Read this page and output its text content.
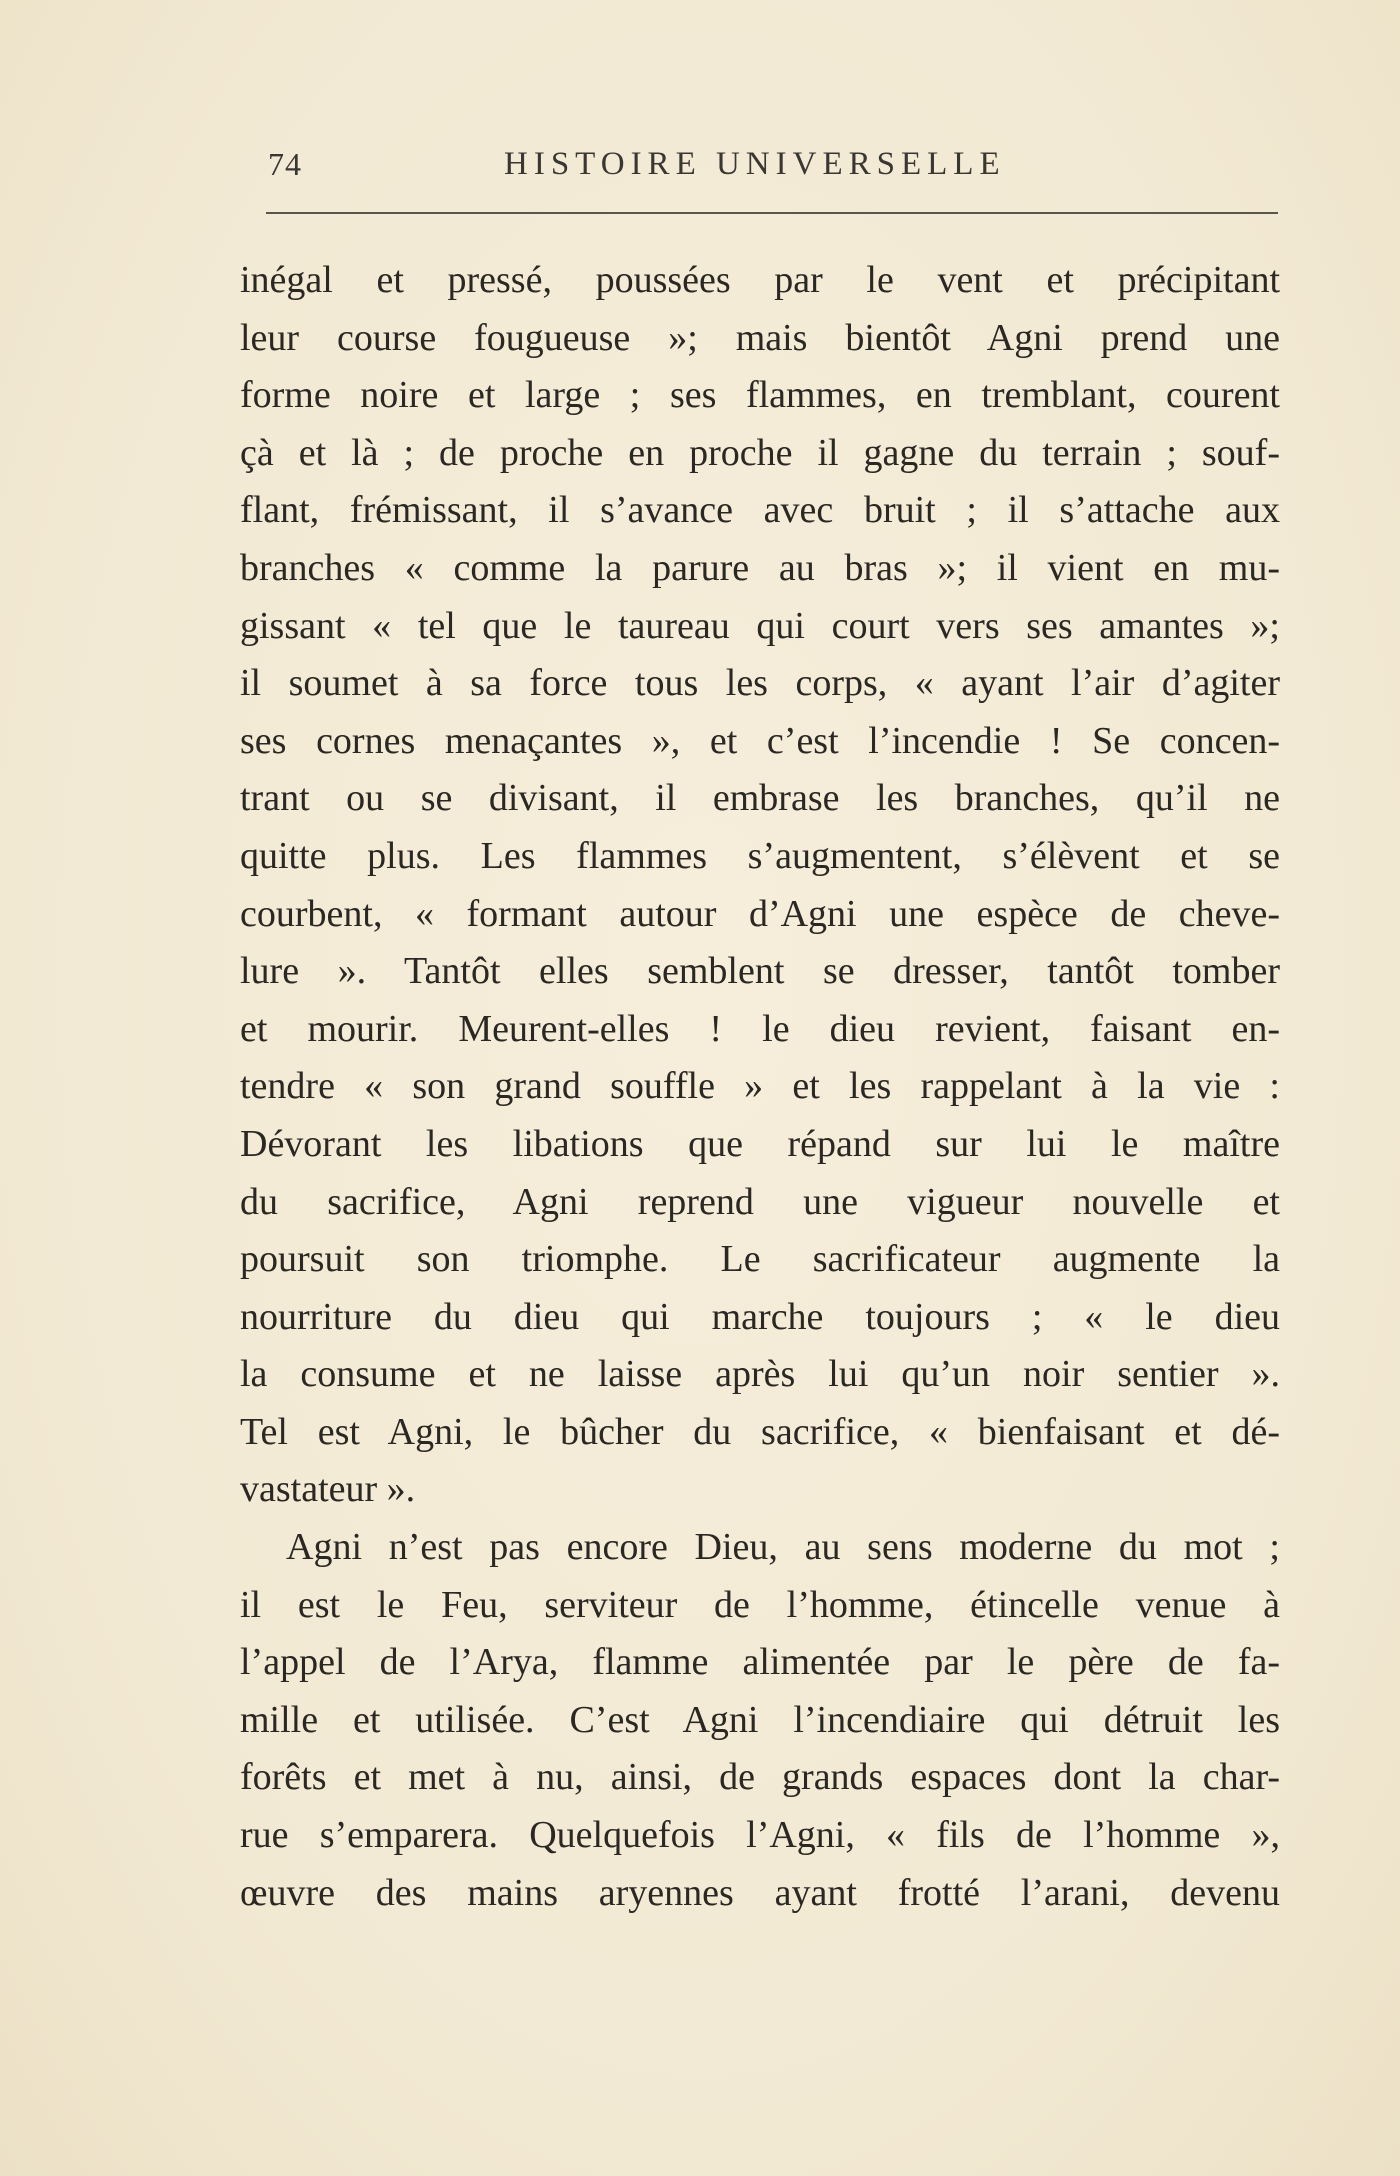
74	HISTOIRE UNIVERSELLE
inégal et pressé, poussées par le vent et précipitant
leur course fougueuse »; mais bientôt Agni prend une
forme noire et large ; ses flammes, en tremblant, courent
çà et là ; de proche en proche il gagne du terrain ; souf-
flant, frémissant, il s’avance avec bruit ; il s’attache aux
branches « comme la parure au bras »; il vient en mu-
gissant « tel que le taureau qui court vers ses amantes »;
il soumet à sa force tous les corps, « ayant l’air d’agiter
ses cornes menaçantes », et c’est l’incendie ! Se concen-
trant ou se divisant, il embrase les branches, qu’il ne
quitte plus. Les flammes s’augmentent, s’élèvent et se
courbent, « formant autour d’Agni une espèce de cheve-
lure ». Tantôt elles semblent se dresser, tantôt tomber
et mourir. Meurent-elles ! le dieu revient, faisant en-
tendre « son grand souffle » et les rappelant à la vie :
Dévorant les libations que répand sur lui le maître
du sacrifice, Agni reprend une vigueur nouvelle et
poursuit son triomphe. Le sacrificateur augmente la
nourriture du dieu qui marche toujours ; « le dieu
la consume et ne laisse après lui qu’un noir sentier ».
Tel est Agni, le bûcher du sacrifice, « bienfaisant et dé-
vastateur ».
Agni n’est pas encore Dieu, au sens moderne du mot ;
il est le Feu, serviteur de l’homme, étincelle venue à
l’appel de l’Arya, flamme alimentée par le père de fa-
mille et utilisée. C’est Agni l’incendiaire qui détruit les
forêts et met à nu, ainsi, de grands espaces dont la char-
rue s’emparera. Quelquefois l’Agni, « fils de l’homme »,
œuvre des mains aryennes ayant frotté l’arani, devenu
